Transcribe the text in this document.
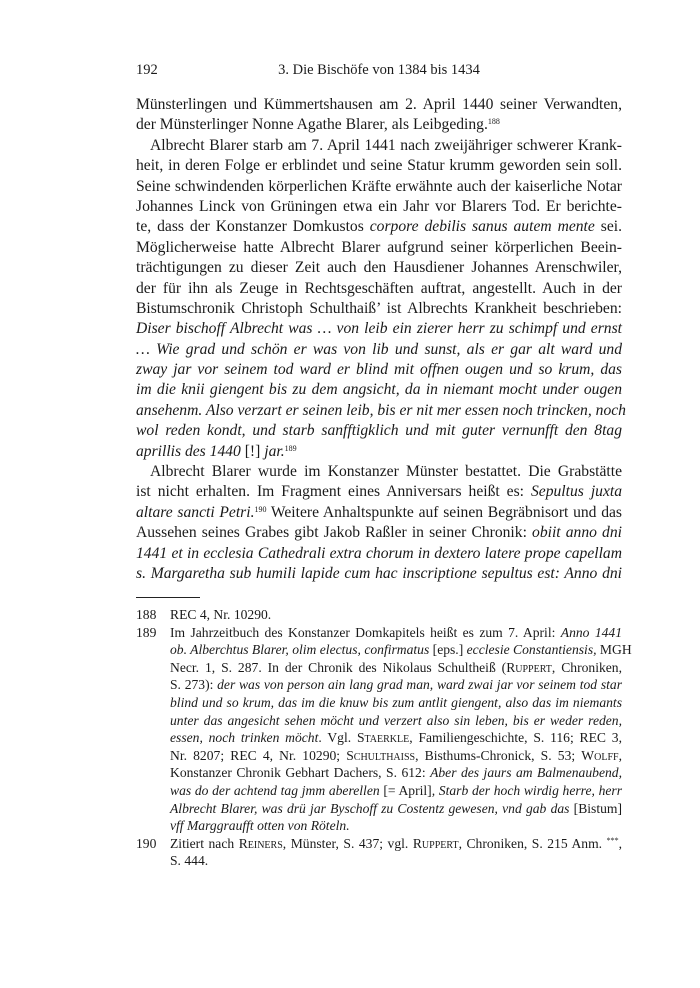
192	3. Die Bischöfe von 1384 bis 1434
Münsterlingen und Kümmertshausen am 2. April 1440 seiner Verwandten,
der Münsterlinger Nonne Agathe Blarer, als Leibgeding.$^{188}$
Albrecht Blarer starb am 7. April 1441 nach zweijähriger schwerer Krank-
heit, in deren Folge er erblindet und seine Statur krumm geworden sein soll.
Seine schwindenden körperlichen Kräfte erwähnte auch der kaiserliche Notar
Johannes Linck von Grüningen etwa ein Jahr vor Blarers Tod. Er berichte-
te, dass der Konstanzer Domkustos corpore debilis sanus autem mente sei.
Möglicherweise hatte Albrecht Blarer aufgrund seiner körperlichen Beein-
trächtigungen zu dieser Zeit auch den Hausdiener Johannes Arenschwiler,
der für ihn als Zeuge in Rechtsgeschäften auftrat, angestellt. Auch in der
Bistumschronik Christoph Schulthaiß’ ist Albrechts Krankheit beschrieben:
Diser bischoff Albrecht was … von leib ein zierer herr zu schimpf und ernst
… Wie grad und schön er was von lib und sunst, als er gar alt ward und
zway jar vor seinem tod ward er blind mit offnen ougen und so krum, das
im die knii giengent bis zu dem angsicht, da in niemant mocht under ougen
ansehenm. Also verzart er seinen leib, bis er nit mer essen noch trincken, noch
wol reden kondt, und starb sanfftigklich und mit guter vernunfft den 8tag
aprillis des 1440 [!] jar.$^{189}$
Albrecht Blarer wurde im Konstanzer Münster bestattet. Die Grabstätte
ist nicht erhalten. Im Fragment eines Anniversars heißt es: Sepultus juxta
altare sancti Petri.$^{190}$ Weitere Anhaltspunkte auf seinen Begräbnisort und das
Aussehen seines Grabes gibt Jakob Raßler in seiner Chronik: obiit anno dni
1441 et in ecclesia Cathedrali extra chorum in dextero latere prope capellam
s. Margaretha sub humili lapide cum hac inscriptione sepultus est: Anno dni
188 REC 4, Nr. 10290.
189 Im Jahrzeitbuch des Konstanzer Domkapitels heißt es zum 7. April: Anno 1441
ob. Alberchtus Blarer, olim electus, confirmatus [eps.] ecclesie Constantiensis, MGH
Necr. 1, S. 287. In der Chronik des Nikolaus Schultheiß (Ruppert, Chroniken,
S. 273): der was von person ain lang grad man, ward zwai jar vor seinem tod star
blind und so krum, das im die knuw bis zum antlit giengent, also das im niemants
unter das angesicht sehen möcht und verzert also sin leben, bis er weder reden,
essen, noch trinken möcht. Vgl. Staerkle, Familiengeschichte, S. 116; REC 3,
Nr. 8207; REC 4, Nr. 10290; Schulthaiss, Bisthums-Chronick, S. 53; Wolff,
Konstanzer Chronik Gebhart Dachers, S. 612: Aber des jaurs am Balmenaubend,
was do der achtend tag jmm aberellen [= April], Starb der hoch wirdig herre, herr
Albrecht Blarer, was drü jar Byschoff zu Costentz gewesen, vnd gab das [Bistum]
vff Marggraufft otten von Röteln.
190 Zitiert nach Reiners, Münster, S. 437; vgl. Ruppert, Chroniken, S. 215 Anm. ***,
S. 444.
